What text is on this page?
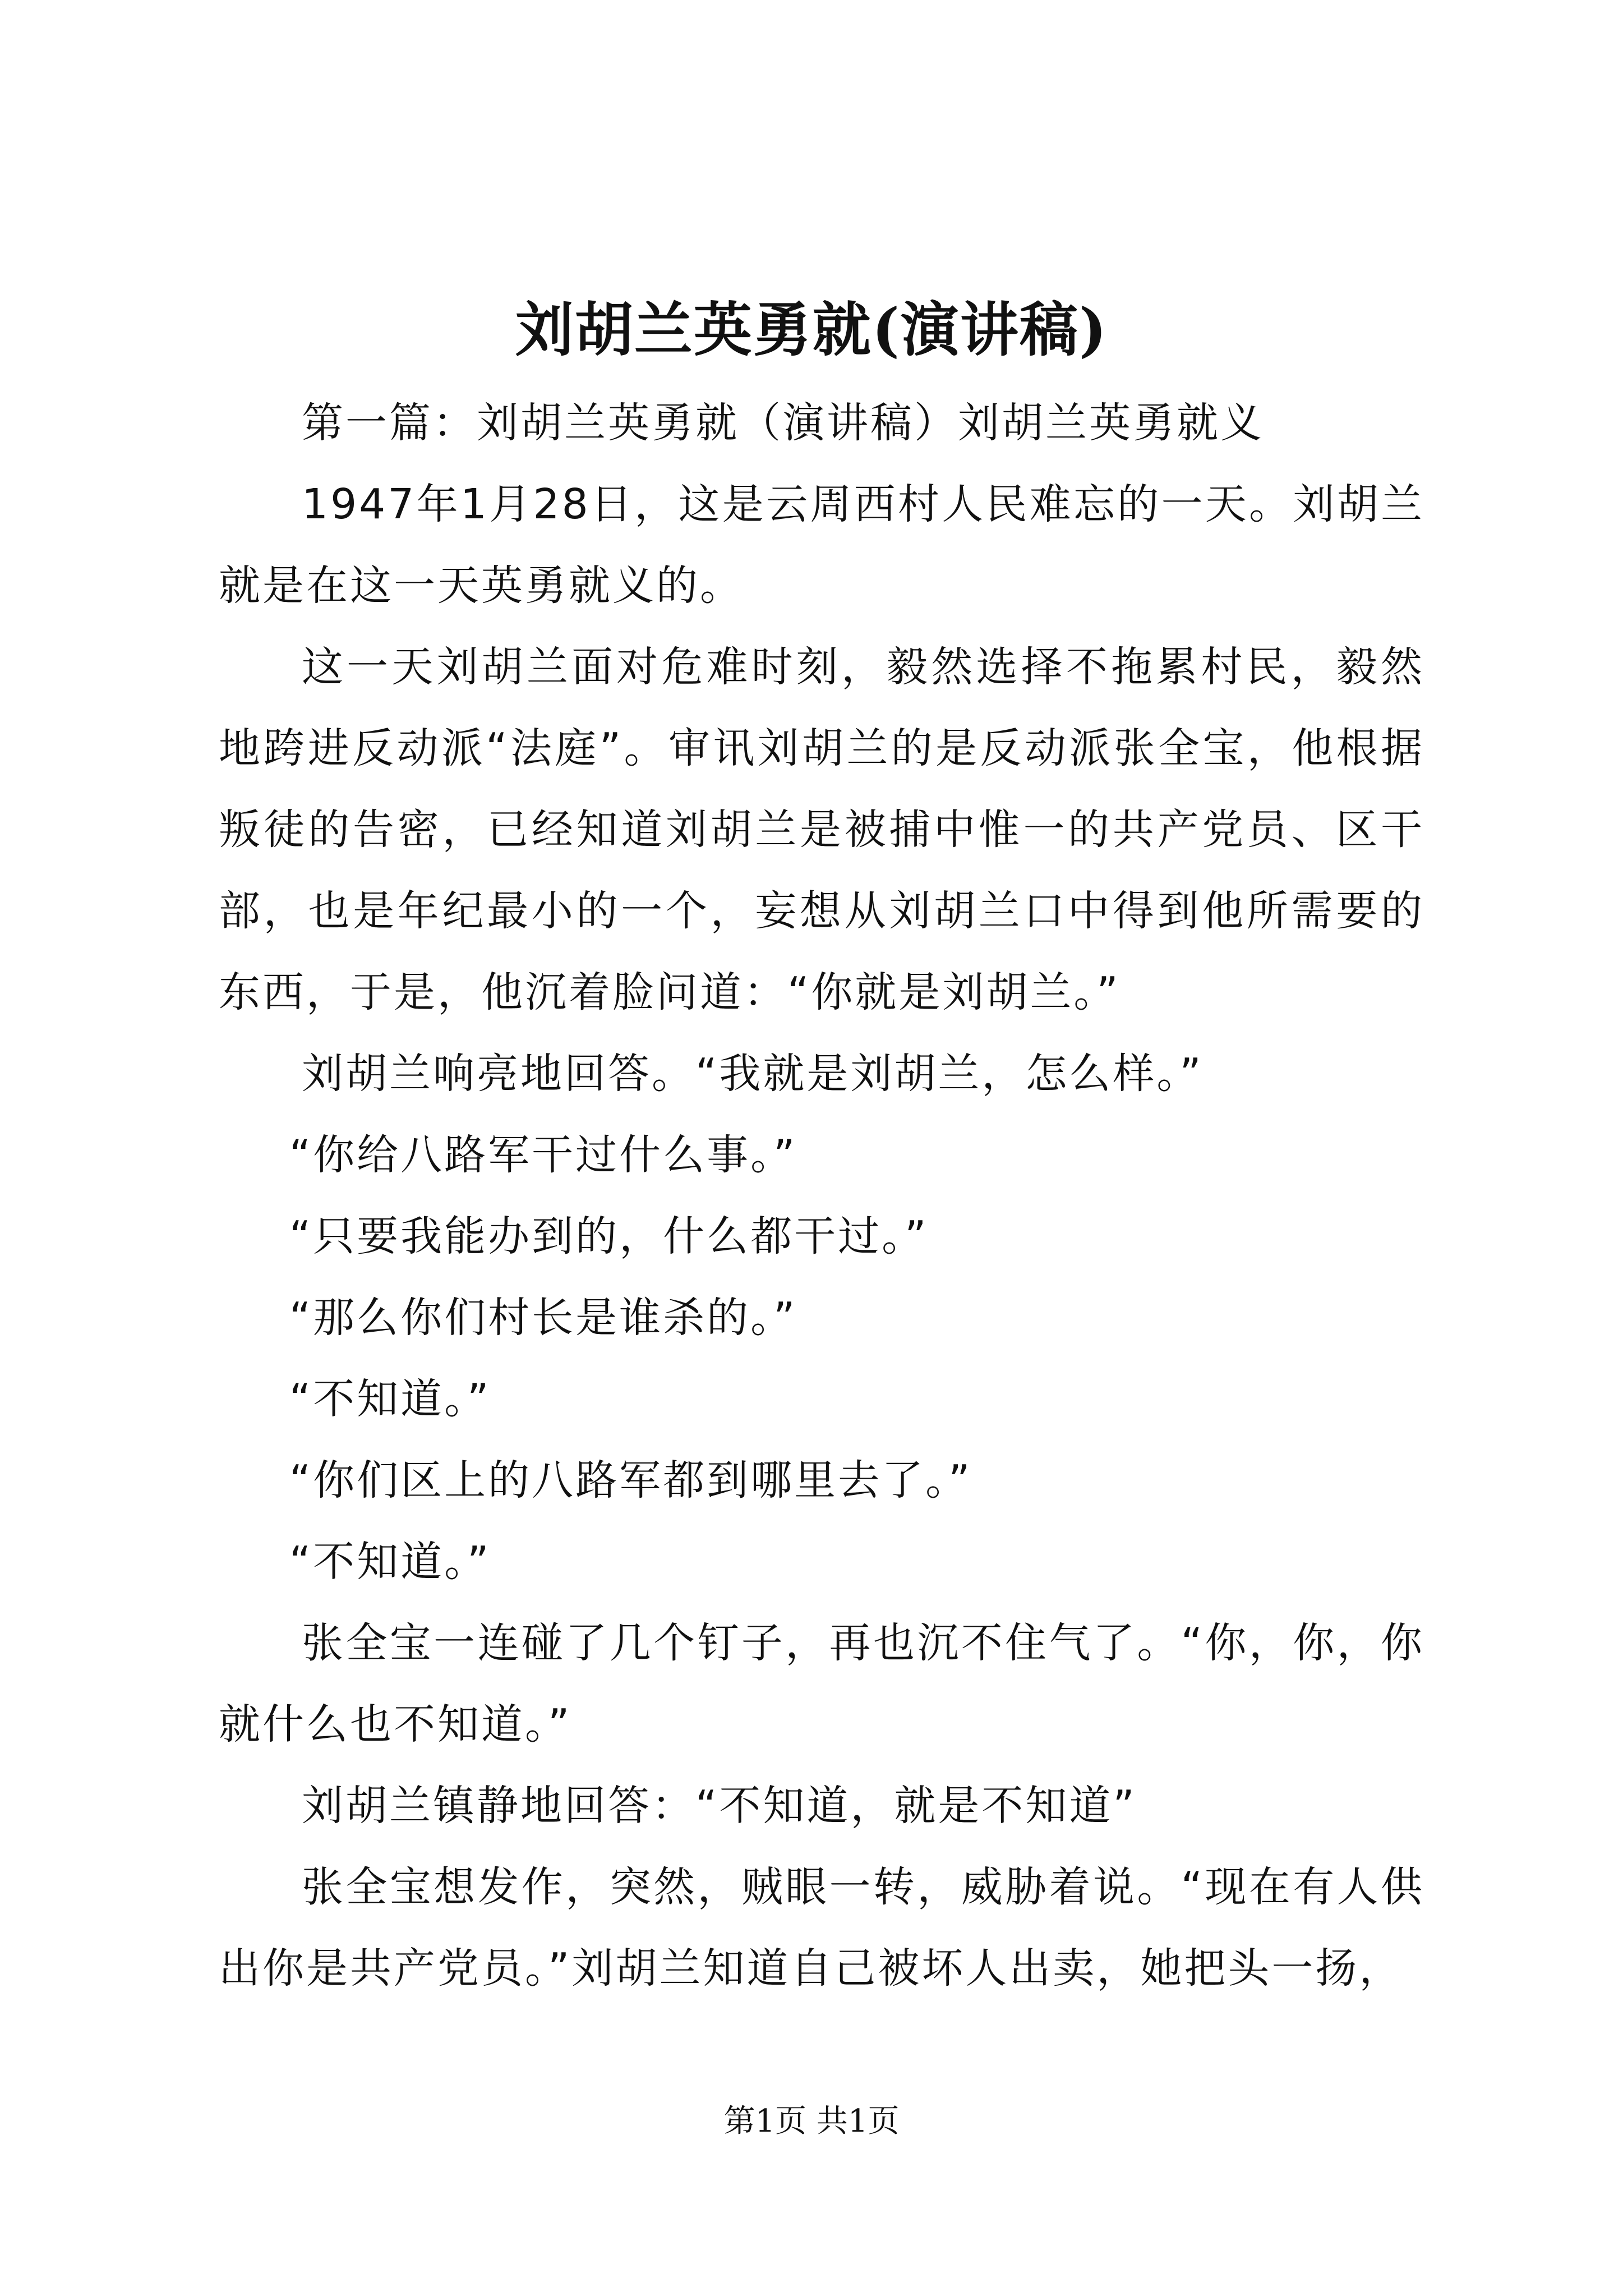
刘胡兰英勇就(演讲稿)

第一篇：刘胡兰英勇就（演讲稿）刘胡兰英勇就义

1947年1月28日，这是云周西村人民难忘的一天。刘胡兰就是在这一天英勇就义的。

这一天刘胡兰面对危难时刻，毅然选择不拖累村民，毅然地跨进反动派“法庭”。审讯刘胡兰的是反动派张全宝，他根据叛徒的告密，已经知道刘胡兰是被捕中惟一的共产党员、区干部，也是年纪最小的一个，妄想从刘胡兰口中得到他所需要的东西，于是，他沉着脸问道：“你就是刘胡兰。”

刘胡兰响亮地回答。“我就是刘胡兰，怎么样。”

“你给八路军干过什么事。”

“只要我能办到的，什么都干过。”

“那么你们村长是谁杀的。”

“不知道。”

“你们区上的八路军都到哪里去了。”

“不知道。”

张全宝一连碰了几个钉子，再也沉不住气了。“你，你，你就什么也不知道。”

刘胡兰镇静地回答：“不知道，就是不知道”

张全宝想发作，突然，贼眼一转，威胁着说。“现在有人供出你是共产党员。”刘胡兰知道自己被坏人出卖，她把头一扬，

第1页 共1页
